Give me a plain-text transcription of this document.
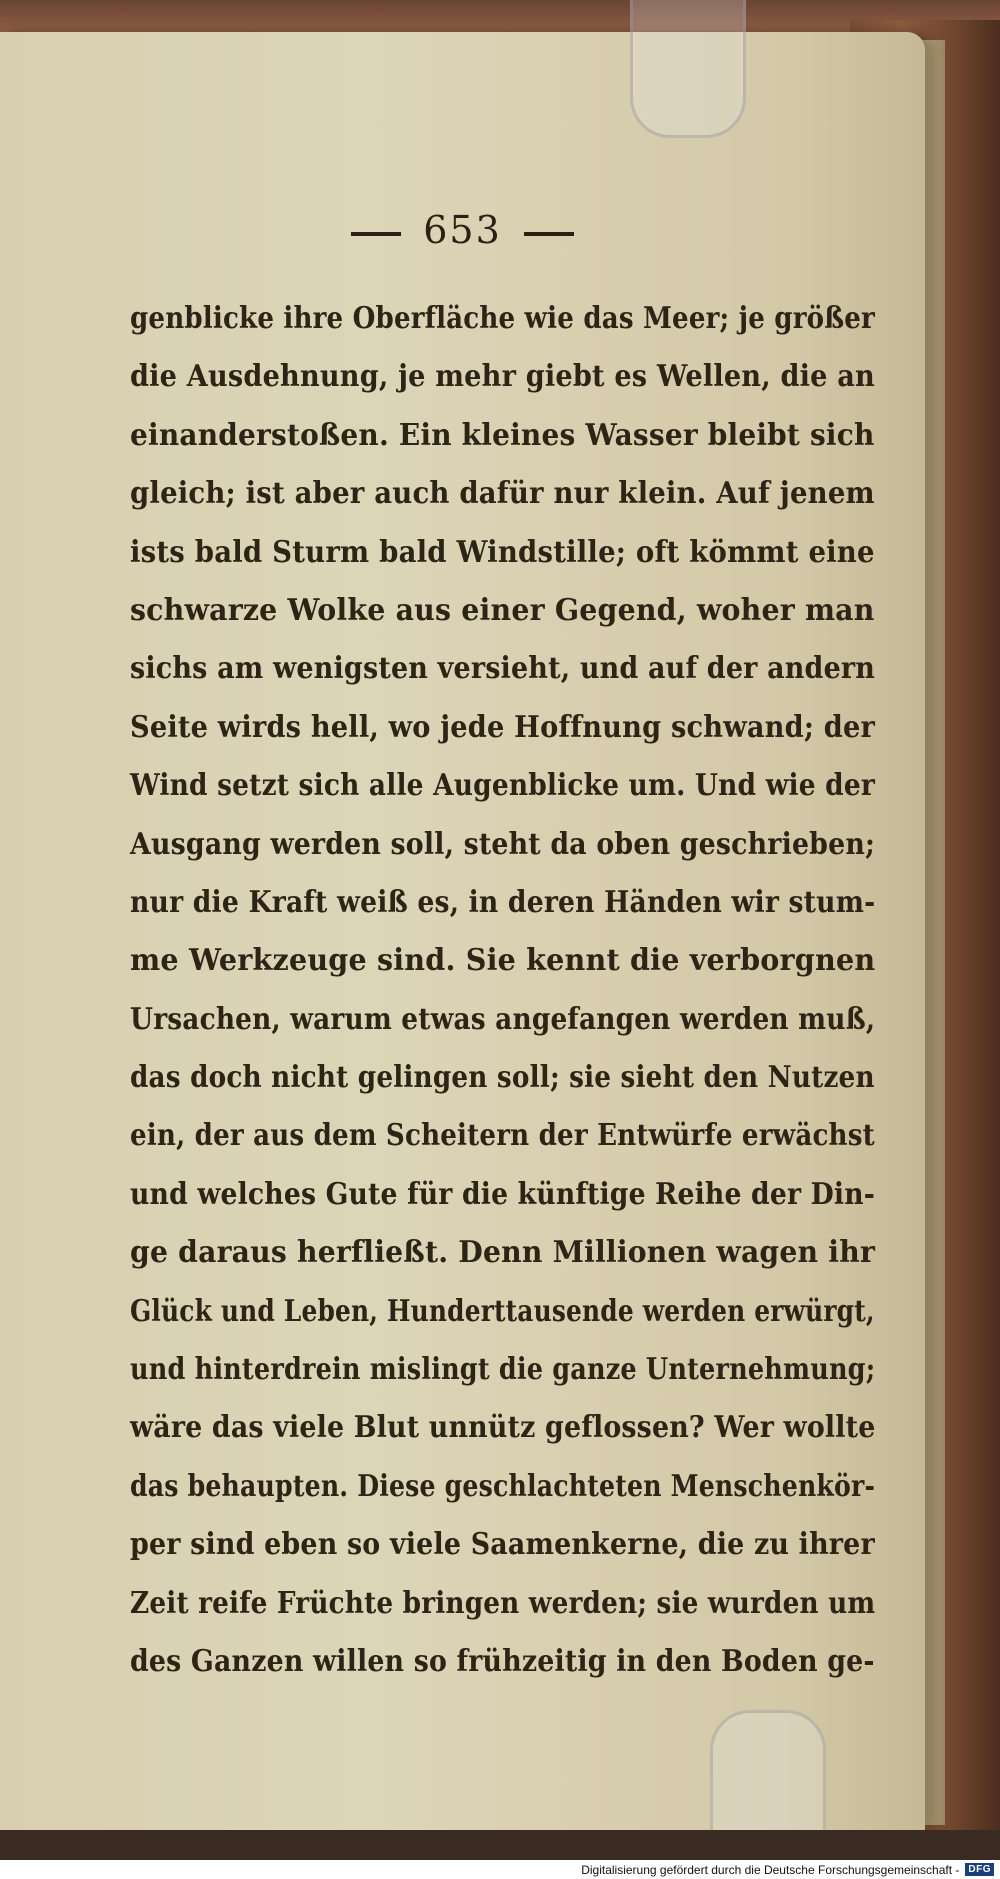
653
genblicke ihre Oberfläche wie das Meer; je größer
die Ausdehnung, je mehr giebt es Wellen, die an
einanderstoßen. Ein kleines Wasser bleibt sich
gleich; ist aber auch dafür nur klein. Auf jenem
ists bald Sturm bald Windstille; oft kömmt eine
schwarze Wolke aus einer Gegend, woher man
sichs am wenigsten versieht, und auf der andern
Seite wirds hell, wo jede Hoffnung schwand; der
Wind setzt sich alle Augenblicke um. Und wie der
Ausgang werden soll, steht da oben geschrieben;
nur die Kraft weiß es, in deren Händen wir stum-
me Werkzeuge sind. Sie kennt die verborgnen
Ursachen, warum etwas angefangen werden muß,
das doch nicht gelingen soll; sie sieht den Nutzen
ein, der aus dem Scheitern der Entwürfe erwächst
und welches Gute für die künftige Reihe der Din-
ge daraus herfließt. Denn Millionen wagen ihr
Glück und Leben, Hunderttausende werden erwürgt,
und hinterdrein mislingt die ganze Unternehmung;
wäre das viele Blut unnütz geflossen? Wer wollte
das behaupten. Diese geschlachteten Menschenkör-
per sind eben so viele Saamenkerne, die zu ihrer
Zeit reife Früchte bringen werden; sie wurden um
des Ganzen willen so frühzeitig in den Boden ge-
Digitalisierung gefördert durch die Deutsche Forschungsgemeinschaft - DFG
